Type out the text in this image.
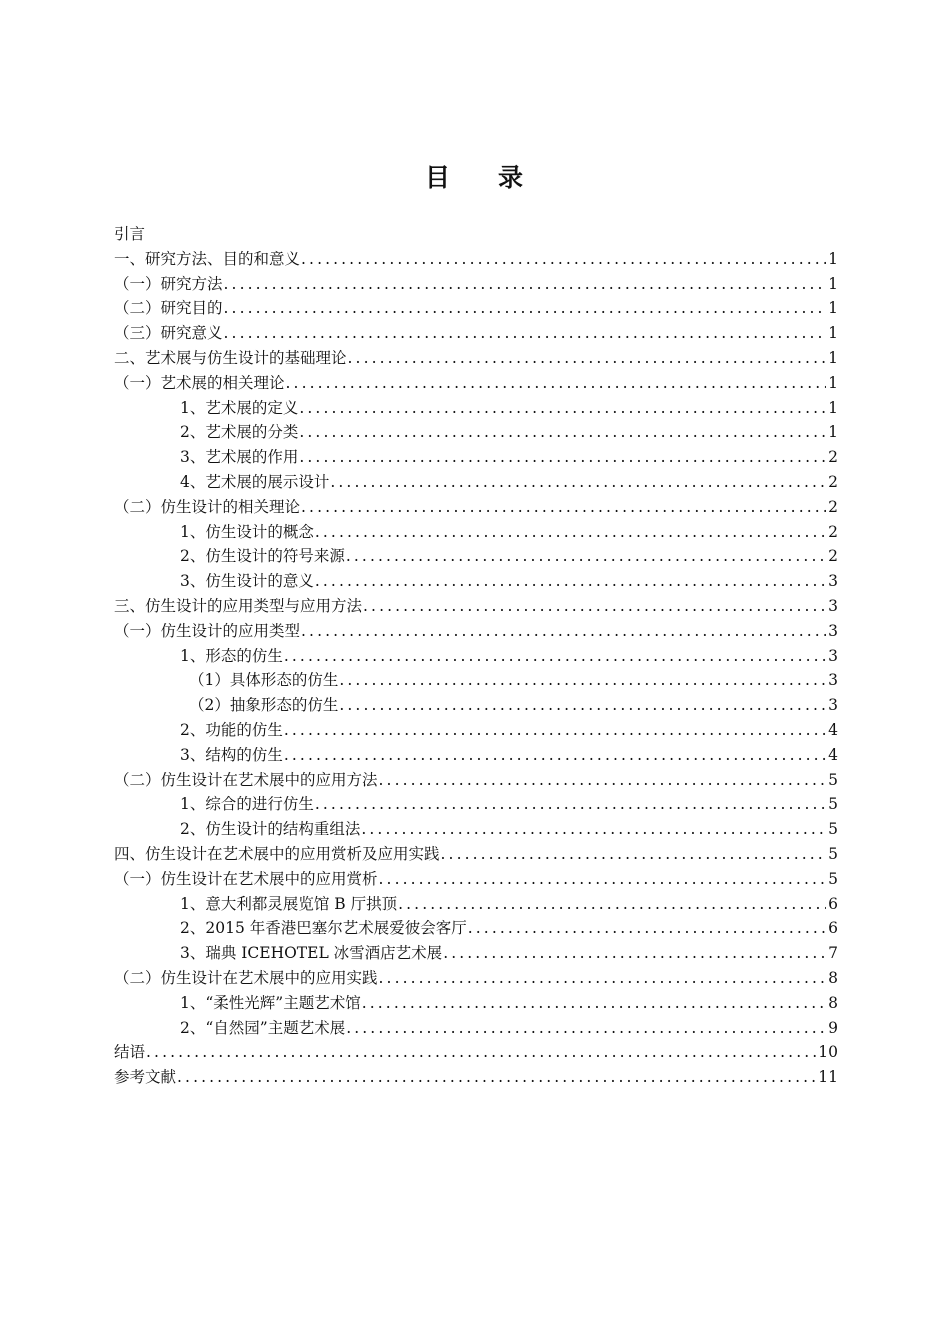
目 录
引言
一、研究方法、目的和意义 .....	1
（一）研究方法 .....	1
（二）研究目的 .....	1
（三）研究意义 .....	1
二、艺术展与仿生设计的基础理论 .....	1
（一）艺术展的相关理论 .....	1
1、艺术展的定义 .....	1
2、艺术展的分类 .....	1
3、艺术展的作用 .....	2
4、艺术展的展示设计 .....	2
（二）仿生设计的相关理论 .....	2
1、仿生设计的概念 .....	2
2、仿生设计的符号来源 .....	2
3、仿生设计的意义 .....	3
三、仿生设计的应用类型与应用方法 .....	3
（一）仿生设计的应用类型 .....	3
1、形态的仿生 .....	3
（1）具体形态的仿生 .....	3
（2）抽象形态的仿生 .....	3
2、功能的仿生 .....	4
3、结构的仿生 .....	4
（二）仿生设计在艺术展中的应用方法 .....	5
1、综合的进行仿生 .....	5
2、仿生设计的结构重组法 .....	5
四、仿生设计在艺术展中的应用赏析及应用实践 .....	5
（一）仿生设计在艺术展中的应用赏析 .....	5
1、意大利都灵展览馆 B 厅拱顶 .....	6
2、2015 年香港巴塞尔艺术展爱彼会客厅 .....	6
3、瑞典 ICEHOTEL 冰雪酒店艺术展 .....	7
（二）仿生设计在艺术展中的应用实践 .....	8
1、“柔性光辉”主题艺术馆 .....	8
2、“自然园”主题艺术展 .....	9
结语 .....	10
参考文献 .....	11
